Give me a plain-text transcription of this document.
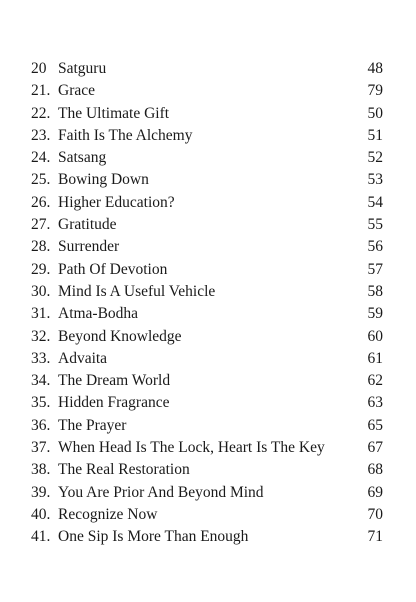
20 Satguru	48
21. Grace	79
22. The Ultimate Gift	50
23. Faith Is The Alchemy	51
24. Satsang	52
25. Bowing Down	53
26. Higher Education?	54
27. Gratitude	55
28. Surrender	56
29. Path Of Devotion	57
30. Mind Is A Useful Vehicle	58
31. Atma-Bodha	59
32. Beyond Knowledge	60
33. Advaita	61
34. The Dream World	62
35. Hidden Fragrance	63
36. The Prayer	65
37. When Head Is The Lock, Heart Is The Key	67
38. The Real Restoration	68
39. You Are Prior And Beyond Mind	69
40. Recognize Now	70
41. One Sip Is More Than Enough	71
